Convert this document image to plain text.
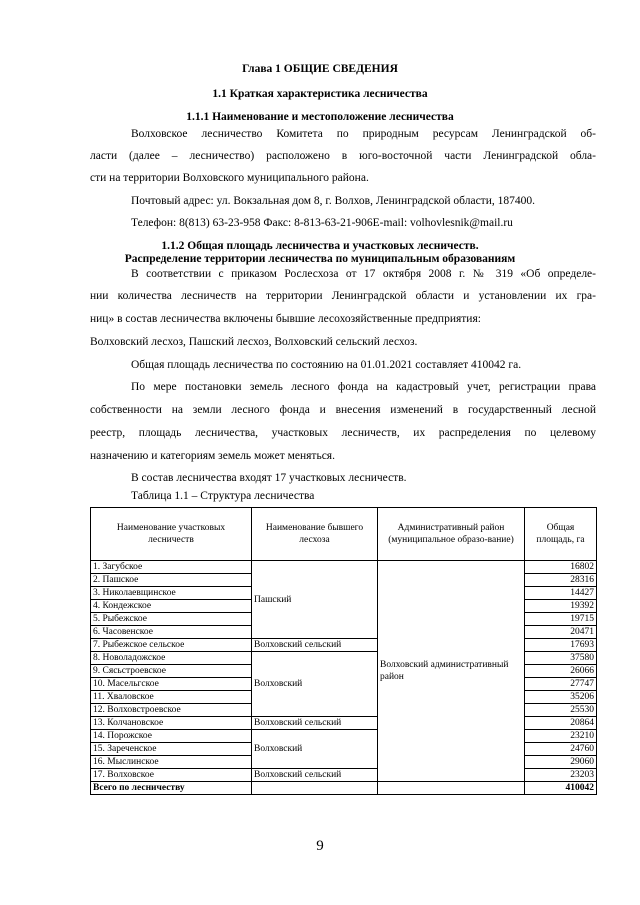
Глава 1 ОБЩИЕ СВЕДЕНИЯ
1.1 Краткая характеристика лесничества
1.1.1 Наименование и местоположение лесничества
Волховское лесничество Комитета по природным ресурсам Ленинградской об-
ласти (далее – лесничество) расположено в юго-восточной части Ленинградской обла-
сти на территории Волховского муниципального района.
Почтовый адрес: ул. Вокзальная дом 8, г. Волхов, Ленинградской области, 187400.
Телефон: 8(813) 63-23-958 Факс: 8-813-63-21-906E-mail: volhovlesnik@mail.ru
1.1.2 Общая площадь лесничества и участковых лесничеств.
Распределение территории лесничества по муниципальным образованиям
В соответствии с приказом Рослесхоза от 17 октября 2008 г. № 319 «Об определе-
нии количества лесничеств на территории Ленинградской области и установлении их гра-
ниц» в состав лесничества включены бывшие лесохозяйственные предприятия:
Волховский лесхоз, Пашский лесхоз, Волховский сельский лесхоз.
Общая площадь лесничества по состоянию на 01.01.2021 составляет 410042 га.
По мере постановки земель лесного фонда на кадастровый учет, регистрации права
собственности на земли лесного фонда и внесения изменений в государственный лесной
реестр, площадь лесничества, участковых лесничеств, их распределения по целевому
назначению и категориям земель может меняться.
В состав лесничества входят 17 участковых лесничеств.
Таблица 1.1 – Структура лесничества
Наименование участковых лесничеств	Наименование бывшего лесхоза	Административный район (муниципальное образо-вание)	Общая площадь, га
1. Загубское	Пашский	Волховский административный район	16802
2. Пашское			28316
3. Николаевщинское			14427
4. Кондежское			19392
5. Рыбежское			19715
6. Часовенское			20471
7. Рыбежское сельское	Волховский сельский		17693
8. Новоладожское	Волховский		37580
9. Сясьстроевское			26066
10. Масельгское			27747
11. Хваловское			35206
12. Волховстроевское			25530
13. Колчановское	Волховский сельский		20864
14. Порожское	Волховский		23210
15. Зареченское			24760
16. Мыслинское			29060
17. Волховское	Волховский сельский		23203
Всего по лесничеству			410042
9
